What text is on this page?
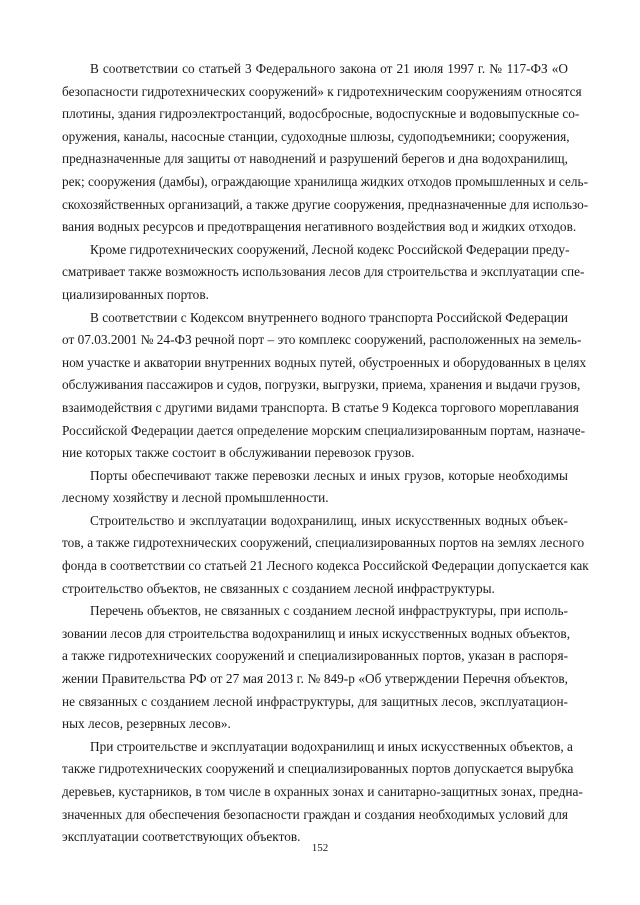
В соответствии со статьей 3 Федерального закона от 21 июля 1997 г. № 117-ФЗ «О
безопасности гидротехнических сооружений» к гидротехническим сооружениям относятся
плотины, здания гидроэлектростанций, водосбросные, водоспускные и водовыпускные со-
оружения, каналы, насосные станции, судоходные шлюзы, судоподъемники; сооружения,
предназначенные для защиты от наводнений и разрушений берегов и дна водохранилищ,
рек; сооружения (дамбы), ограждающие хранилища жидких отходов промышленных и сель-
скохозяйственных организаций, а также другие сооружения, предназначенные для использо-
вания водных ресурсов и предотвращения негативного воздействия вод и жидких отходов.
Кроме гидротехнических сооружений, Лесной кодекс Российской Федерации преду-
сматривает также возможность использования лесов для строительства и эксплуатации спе-
циализированных портов.
В соответствии с Кодексом внутреннего водного транспорта Российской Федерации
от 07.03.2001 № 24-ФЗ речной порт – это комплекс сооружений, расположенных на земель-
ном участке и акватории внутренних водных путей, обустроенных и оборудованных в целях
обслуживания пассажиров и судов, погрузки, выгрузки, приема, хранения и выдачи грузов,
взаимодействия с другими видами транспорта. В статье 9 Кодекса торгового мореплавания
Российской Федерации дается определение морским специализированным портам, назначе-
ние которых также состоит в обслуживании перевозок грузов.
Порты обеспечивают также перевозки лесных и иных грузов, которые необходимы
лесному хозяйству и лесной промышленности.
Строительство и эксплуатации водохранилищ, иных искусственных водных объек-
тов, а также гидротехнических сооружений, специализированных портов на землях лесного
фонда в соответствии со статьей 21 Лесного кодекса Российской Федерации допускается как
строительство объектов, не связанных с созданием лесной инфраструктуры.
Перечень объектов, не связанных с созданием лесной инфраструктуры, при исполь-
зовании лесов для строительства водохранилищ и иных искусственных водных объектов,
а также гидротехнических сооружений и специализированных портов, указан в распоря-
жении Правительства РФ от 27 мая 2013 г. № 849-р «Об утверждении Перечня объектов,
не связанных с созданием лесной инфраструктуры, для защитных лесов, эксплуатацион-
ных лесов, резервных лесов».
При строительстве и эксплуатации водохранилищ и иных искусственных объектов, а
также гидротехнических сооружений и специализированных портов допускается вырубка
деревьев, кустарников, в том числе в охранных зонах и санитарно-защитных зонах, предна-
значенных для обеспечения безопасности граждан и создания необходимых условий для
эксплуатации соответствующих объектов.
152
